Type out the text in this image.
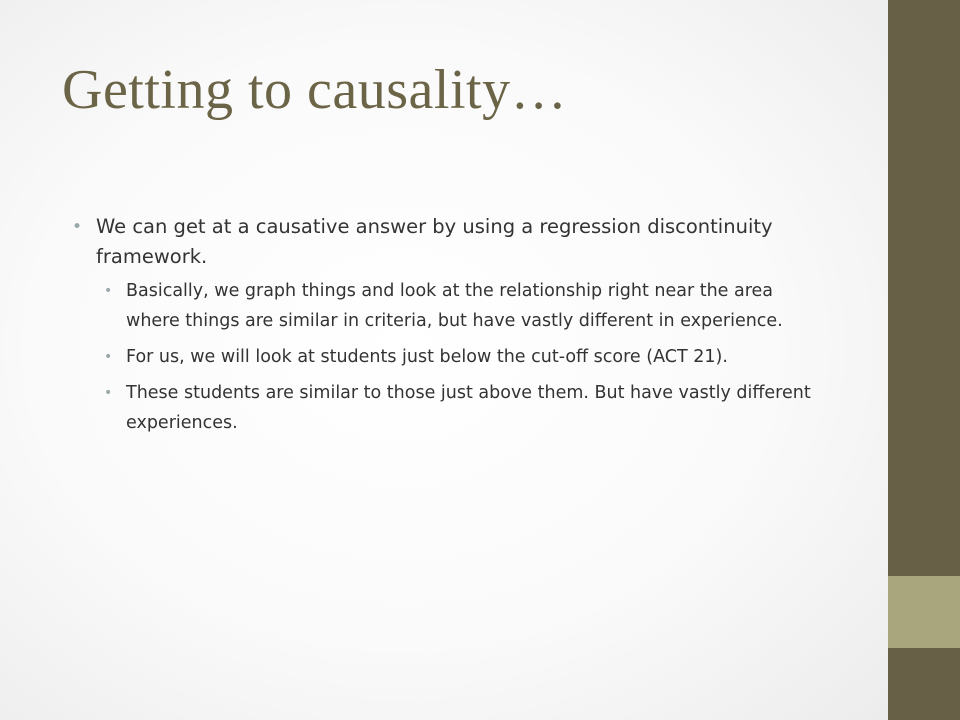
Getting to causality…
• We can get at a causative answer by using a regression discontinuity framework.
• Basically, we graph things and look at the relationship right near the area where things are similar in criteria, but have vastly different in experience.
• For us, we will look at students just below the cut-off score (ACT 21).
• These students are similar to those just above them. But have vastly different experiences.
